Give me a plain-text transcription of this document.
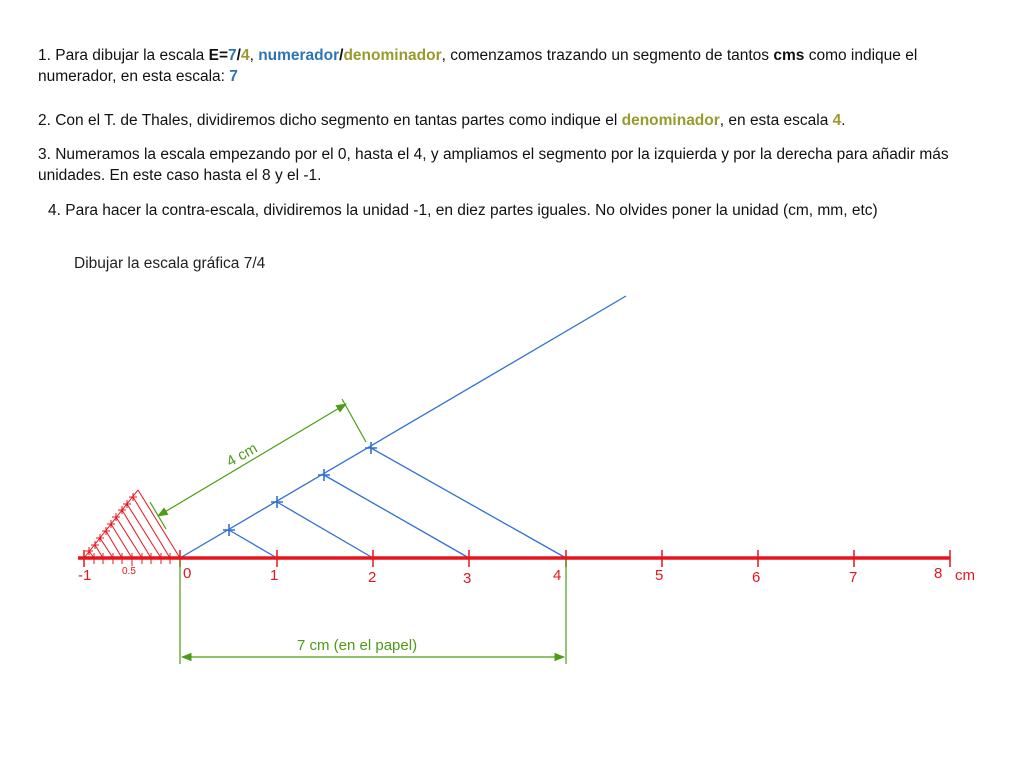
1. Para dibujar la escala E=7/4, numerador/denominador, comenzamos trazando un segmento de tantos cms como indique el numerador, en esta escala: 7
2. Con el T. de Thales, dividiremos dicho segmento en tantas partes como indique el denominador, en esta escala 4.
3. Numeramos la escala empezando por el 0, hasta el 4, y ampliamos el segmento por la izquierda y por la derecha para añadir más unidades. En este caso hasta el 8 y el -1.
4. Para hacer la contra-escala, dividiremos la unidad -1, en diez partes iguales. No olvides poner la unidad (cm, mm, etc)
Dibujar la escala gráfica 7/4
-1	0	1	2	3	4	5	6	7	8 cm
0.5
4 cm
7 cm (en el papel)
